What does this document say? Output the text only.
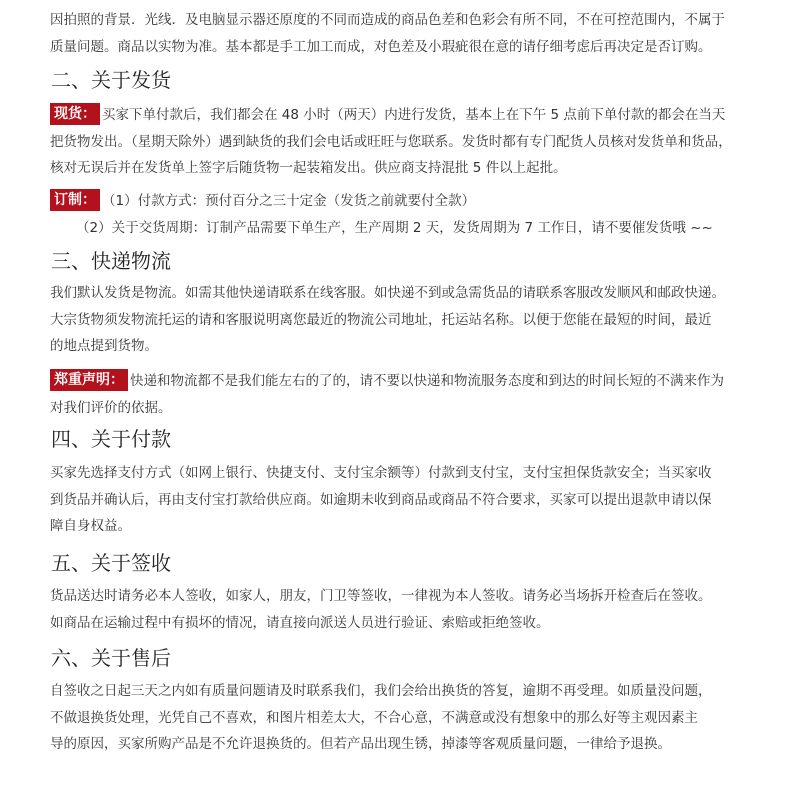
因拍照的背景．光线．及电脑显示器还原度的不同而造成的商品色差和色彩会有所不同，不在可控范围内，不属于
质量问题。商品以实物为准。基本都是手工加工而成，对色差及小瑕疵很在意的请仔细考虑后再决定是否订购。
二、关于发货
现货： 买家下单付款后，我们都会在 48 小时（两天）内进行发货，基本上在下午 5 点前下单付款的都会在当天
把货物发出。（星期天除外）遇到缺货的我们会电话或旺旺与您联系。发货时都有专门配货人员核对发货单和货品，
核对无误后并在发货单上签字后随货物一起装箱发出。供应商支持混批 5 件以上起批。
订制： （1）付款方式：预付百分之三十定金（发货之前就要付全款）
（2）关于交货周期：订制产品需要下单生产，生产周期 2 天，发货周期为 7 工作日，请不要催发货哦 ~~
三、快递物流
我们默认发货是物流。如需其他快递请联系在线客服。如快递不到或急需货品的请联系客服改发顺风和邮政快递。
大宗货物须发物流托运的请和客服说明离您最近的物流公司地址，托运站名称。以便于您能在最短的时间，最近
的地点提到货物。
郑重声明： 快递和物流都不是我们能左右的了的，请不要以快递和物流服务态度和到达的时间长短的不满来作为
对我们评价的依据。
四、关于付款
买家先选择支付方式（如网上银行、快捷支付、支付宝余额等）付款到支付宝，支付宝担保货款安全；当买家收
到货品并确认后，再由支付宝打款给供应商。如逾期未收到商品或商品不符合要求，买家可以提出退款申请以保
障自身权益。
五、关于签收
货品送达时请务必本人签收，如家人，朋友，门卫等签收，一律视为本人签收。请务必当场拆开检查后在签收。
如商品在运输过程中有损坏的情况，请直接向派送人员进行验证、索赔或拒绝签收。
六、关于售后
自签收之日起三天之内如有质量问题请及时联系我们，我们会给出换货的答复，逾期不再受理。如质量没问题，
不做退换货处理，光凭自己不喜欢，和图片相差太大，不合心意，不满意或没有想象中的那么好等主观因素主
导的原因，买家所购产品是不允许退换货的。但若产品出现生锈，掉漆等客观质量问题，一律给予退换。
